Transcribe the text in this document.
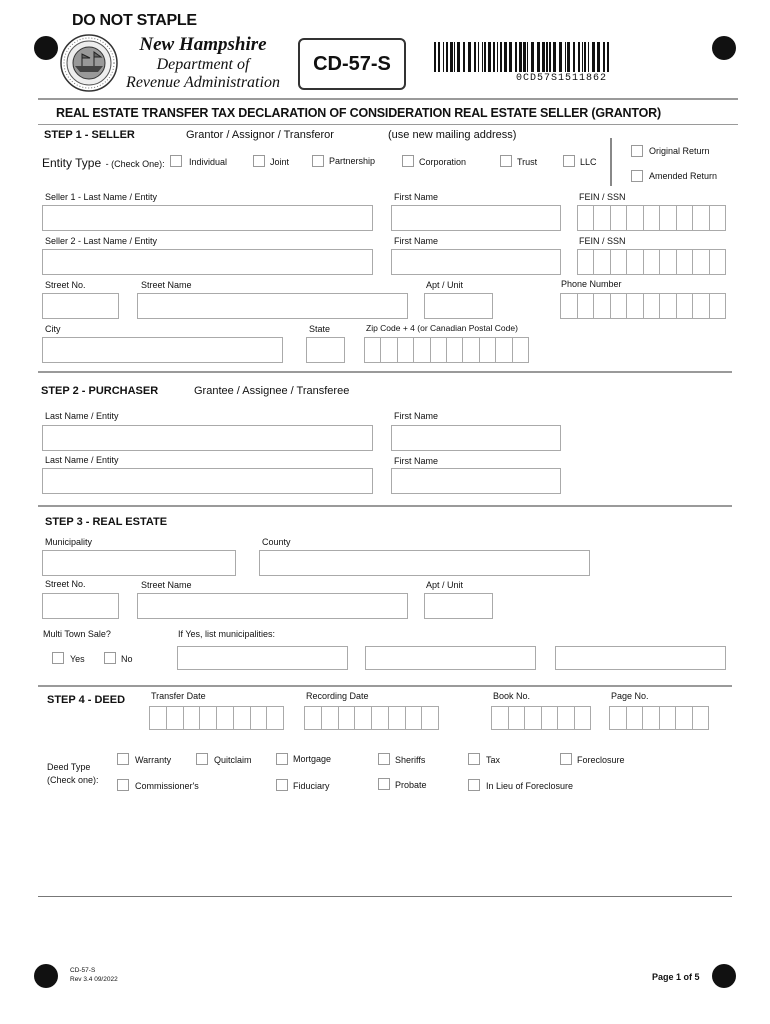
DO NOT STAPLE
New Hampshire
Department of
Revenue Administration
CD-57-S
0CD57S1511862
REAL ESTATE TRANSFER TAX DECLARATION OF CONSIDERATION REAL ESTATE SELLER (GRANTOR)
STEP 1 - SELLER	Grantor / Assignor / Transferor	(use new mailing address)
Entity Type - (Check One):	Individual	Joint	Partnership	Corporation	Trust	LLC
Original Return
Amended Return
Seller 1 - Last Name / Entity	First Name	FEIN / SSN
Seller 2 - Last Name / Entity	First Name	FEIN / SSN
Street No.	Street Name	Apt / Unit	Phone Number
City	State	Zip Code + 4 (or Canadian Postal Code)
STEP 2 - PURCHASER	Grantee / Assignee / Transferee
Last Name / Entity	First Name
Last Name / Entity	First Name
STEP 3 - REAL ESTATE
Municipality	County
Street No.	Street Name	Apt / Unit
Multi Town Sale?	If Yes, list municipalities:
Yes	No
STEP 4 - DEED	Transfer Date	Recording Date	Book No.	Page No.
Deed Type
(Check one):
Warranty	Quitclaim	Mortgage	Sheriffs	Tax	Foreclosure
Commissioner's	Fiduciary	Probate	In Lieu of Foreclosure
CD-57-S
Rev 3.4 09/2022	Page 1 of 5
